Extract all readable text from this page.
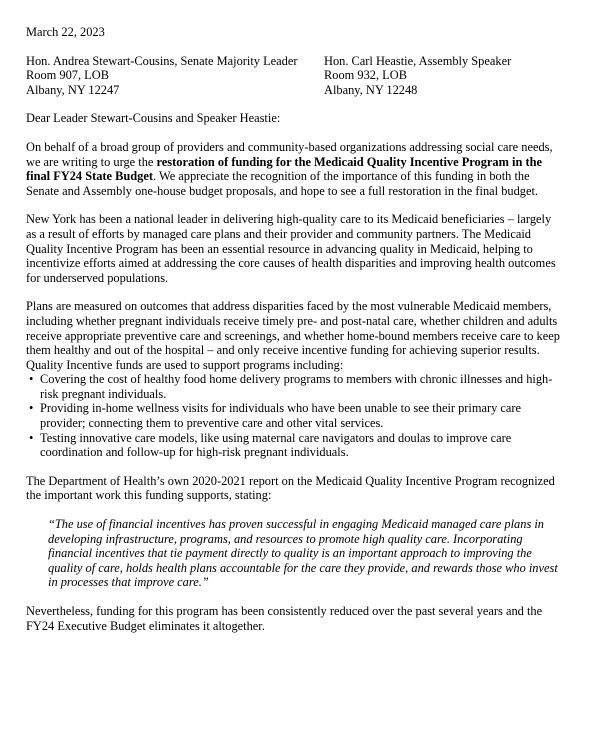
March 22, 2023
Hon. Andrea Stewart-Cousins, Senate Majority Leader
Room 907, LOB
Albany, NY 12247
Hon. Carl Heastie, Assembly Speaker
Room 932, LOB
Albany, NY 12248
Dear Leader Stewart-Cousins and Speaker Heastie:

On behalf of a broad group of providers and community-based organizations addressing social care needs, we are writing to urge the restoration of funding for the Medicaid Quality Incentive Program in the final FY24 State Budget. We appreciate the recognition of the importance of this funding in both the Senate and Assembly one-house budget proposals, and hope to see a full restoration in the final budget.

New York has been a national leader in delivering high-quality care to its Medicaid beneficiaries – largely as a result of efforts by managed care plans and their provider and community partners. The Medicaid Quality Incentive Program has been an essential resource in advancing quality in Medicaid, helping to incentivize efforts aimed at addressing the core causes of health disparities and improving health outcomes for underserved populations.

Plans are measured on outcomes that address disparities faced by the most vulnerable Medicaid members, including whether pregnant individuals receive timely pre- and post-natal care, whether children and adults receive appropriate preventive care and screenings, and whether home-bound members receive care to keep them healthy and out of the hospital – and only receive incentive funding for achieving superior results.

Quality Incentive funds are used to support programs including:
• Covering the cost of healthy food home delivery programs to members with chronic illnesses and high-risk pregnant individuals.
• Providing in-home wellness visits for individuals who have been unable to see their primary care provider; connecting them to preventive care and other vital services.
• Testing innovative care models, like using maternal care navigators and doulas to improve care coordination and follow-up for high-risk pregnant individuals.

The Department of Health’s own 2020-2021 report on the Medicaid Quality Incentive Program recognized the important work this funding supports, stating:

“The use of financial incentives has proven successful in engaging Medicaid managed care plans in developing infrastructure, programs, and resources to promote high quality care. Incorporating financial incentives that tie payment directly to quality is an important approach to improving the quality of care, holds health plans accountable for the care they provide, and rewards those who invest in processes that improve care.”

Nevertheless, funding for this program has been consistently reduced over the past several years and the FY24 Executive Budget eliminates it altogether.
